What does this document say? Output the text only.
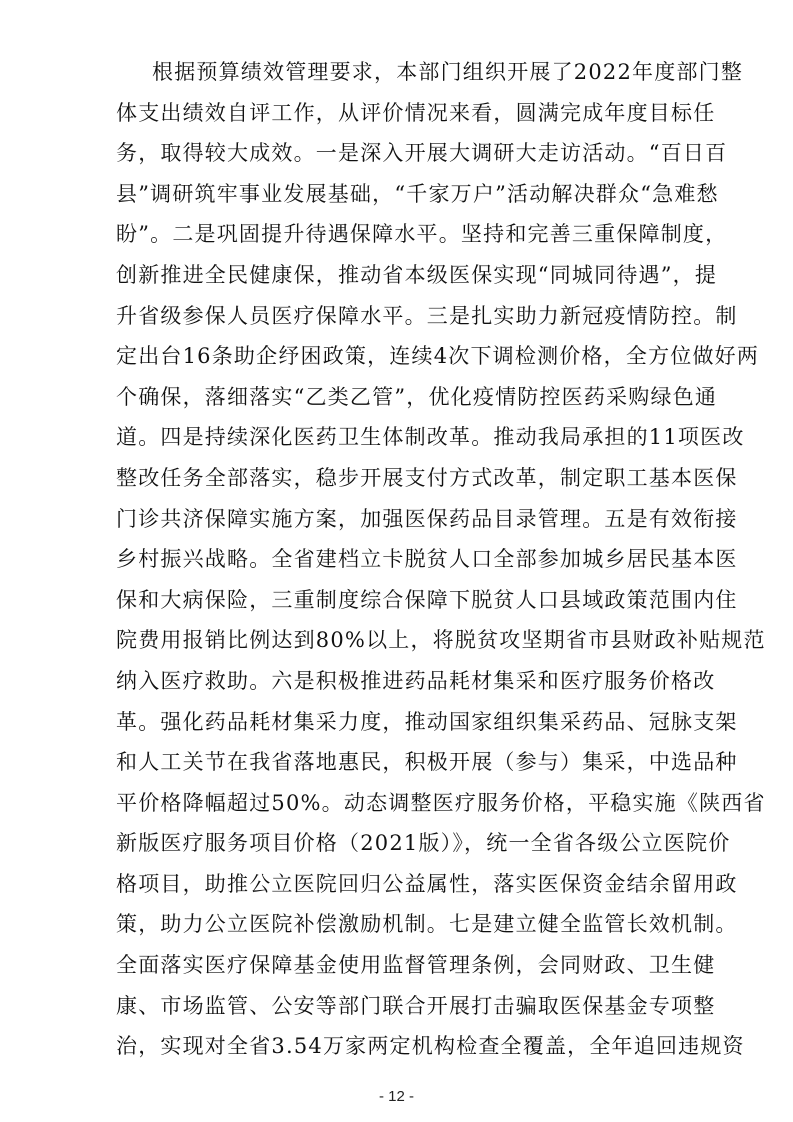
根据预算绩效管理要求，本部门组织开展了2022年度部门整
体支出绩效自评工作，从评价情况来看，圆满完成年度目标任
务，取得较大成效。一是深入开展大调研大走访活动。“百日百
县”调研筑牢事业发展基础，“千家万户”活动解决群众“急难愁
盼”。二是巩固提升待遇保障水平。坚持和完善三重保障制度，
创新推进全民健康保，推动省本级医保实现“同城同待遇”，提
升省级参保人员医疗保障水平。三是扎实助力新冠疫情防控。制
定出台16条助企纾困政策，连续4次下调检测价格，全方位做好两
个确保，落细落实“乙类乙管”，优化疫情防控医药采购绿色通
道。四是持续深化医药卫生体制改革。推动我局承担的11项医改
整改任务全部落实，稳步开展支付方式改革，制定职工基本医保
门诊共济保障实施方案，加强医保药品目录管理。五是有效衔接
乡村振兴战略。全省建档立卡脱贫人口全部参加城乡居民基本医
保和大病保险，三重制度综合保障下脱贫人口县域政策范围内住
院费用报销比例达到80%以上，将脱贫攻坚期省市县财政补贴规范
纳入医疗救助。六是积极推进药品耗材集采和医疗服务价格改
革。强化药品耗材集采力度，推动国家组织集采药品、冠脉支架
和人工关节在我省落地惠民，积极开展（参与）集采，中选品种
平价格降幅超过50%。动态调整医疗服务价格，平稳实施《陕西省
新版医疗服务项目价格（2021版）》，统一全省各级公立医院价
格项目，助推公立医院回归公益属性，落实医保资金结余留用政
策，助力公立医院补偿激励机制。七是建立健全监管长效机制。
全面落实医疗保障基金使用监督管理条例，会同财政、卫生健
康、市场监管、公安等部门联合开展打击骗取医保基金专项整
治，实现对全省3.54万家两定机构检查全覆盖，全年追回违规资
- 12 -
